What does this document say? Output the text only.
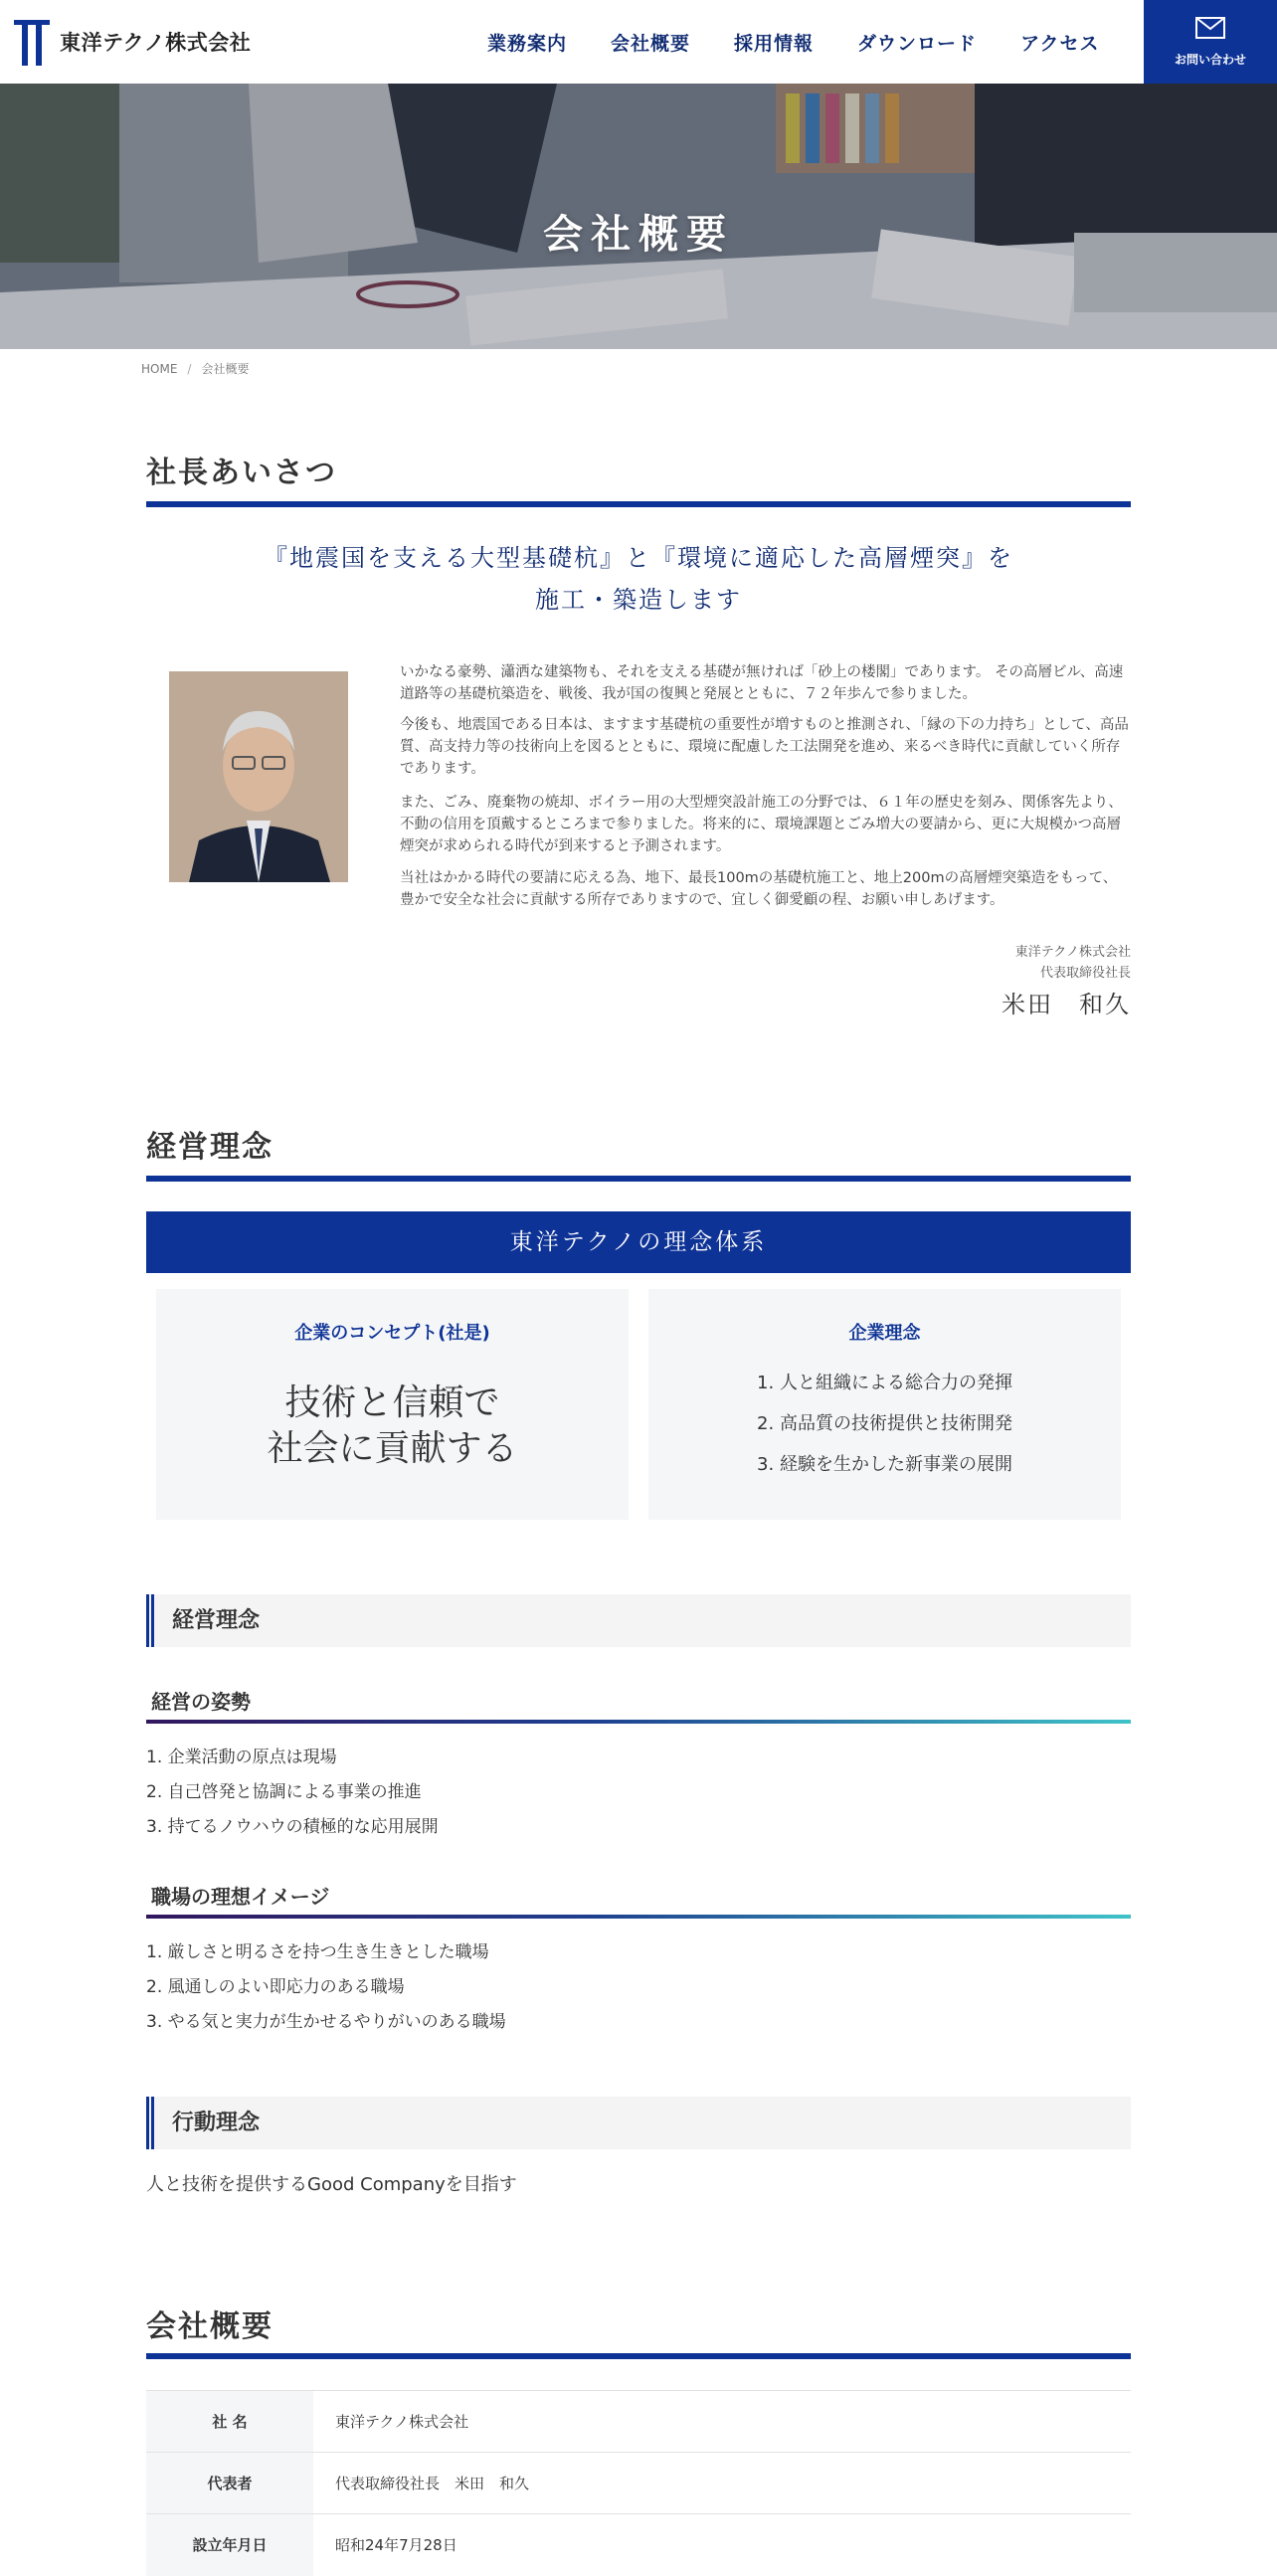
東洋テクノ株式会社	業務案内 会社概要 採用情報 ダウンロード アクセス
お問い合わせ
会社概要
HOME / 会社概要
社長あいさつ
『地震国を支える大型基礎杭』と『環境に適応した高層煙突』を
施工・築造します

いかなる豪勢、瀟洒な建築物も、それを支える基礎が無ければ「砂上の楼閣」であります。 その高層ビル、高速道路等の基礎杭築造を、戦後、我が国の復興と発展とともに、７２年歩んで参りました。

今後も、地震国である日本は、ますます基礎杭の重要性が増すものと推測され、「縁の下の力持ち」として、高品質、高支持力等の技術向上を図るとともに、環境に配慮した工法開発を進め、来るべき時代に貢献していく所存であります。

また、ごみ、廃棄物の焼却、ボイラー用の大型煙突設計施工の分野では、６１年の歴史を刻み、関係客先より、不動の信用を頂戴するところまで参りました。将来的に、環境課題とごみ増大の要請から、更に大規模かつ高層煙突が求められる時代が到来すると予測されます。

当社はかかる時代の要請に応える為、地下、最長100mの基礎杭施工と、地上200mの高層煙突築造をもって、豊かで安全な社会に貢献する所存でありますので、宜しく御愛顧の程、お願い申しあげます。

東洋テクノ株式会社
代表取締役社長
米田　和久
経営理念
東洋テクノの理念体系
企業のコンセプト(社是)
技術と信頼で
社会に貢献する
企業理念
1. 人と組織による総合力の発揮
2. 高品質の技術提供と技術開発
3. 経験を生かした新事業の展開
経営理念
経営の姿勢
1. 企業活動の原点は現場
2. 自己啓発と協調による事業の推進
3. 持てるノウハウの積極的な応用展開
職場の理想イメージ
1. 厳しさと明るさを持つ生き生きとした職場
2. 風通しのよい即応力のある職場
3. やる気と実力が生かせるやりがいのある職場
行動理念
人と技術を提供するGood Companyを目指す
会社概要
社 名	東洋テクノ株式会社
代表者	代表取締役社長　米田　和久
設立年月日	昭和24年7月28日
